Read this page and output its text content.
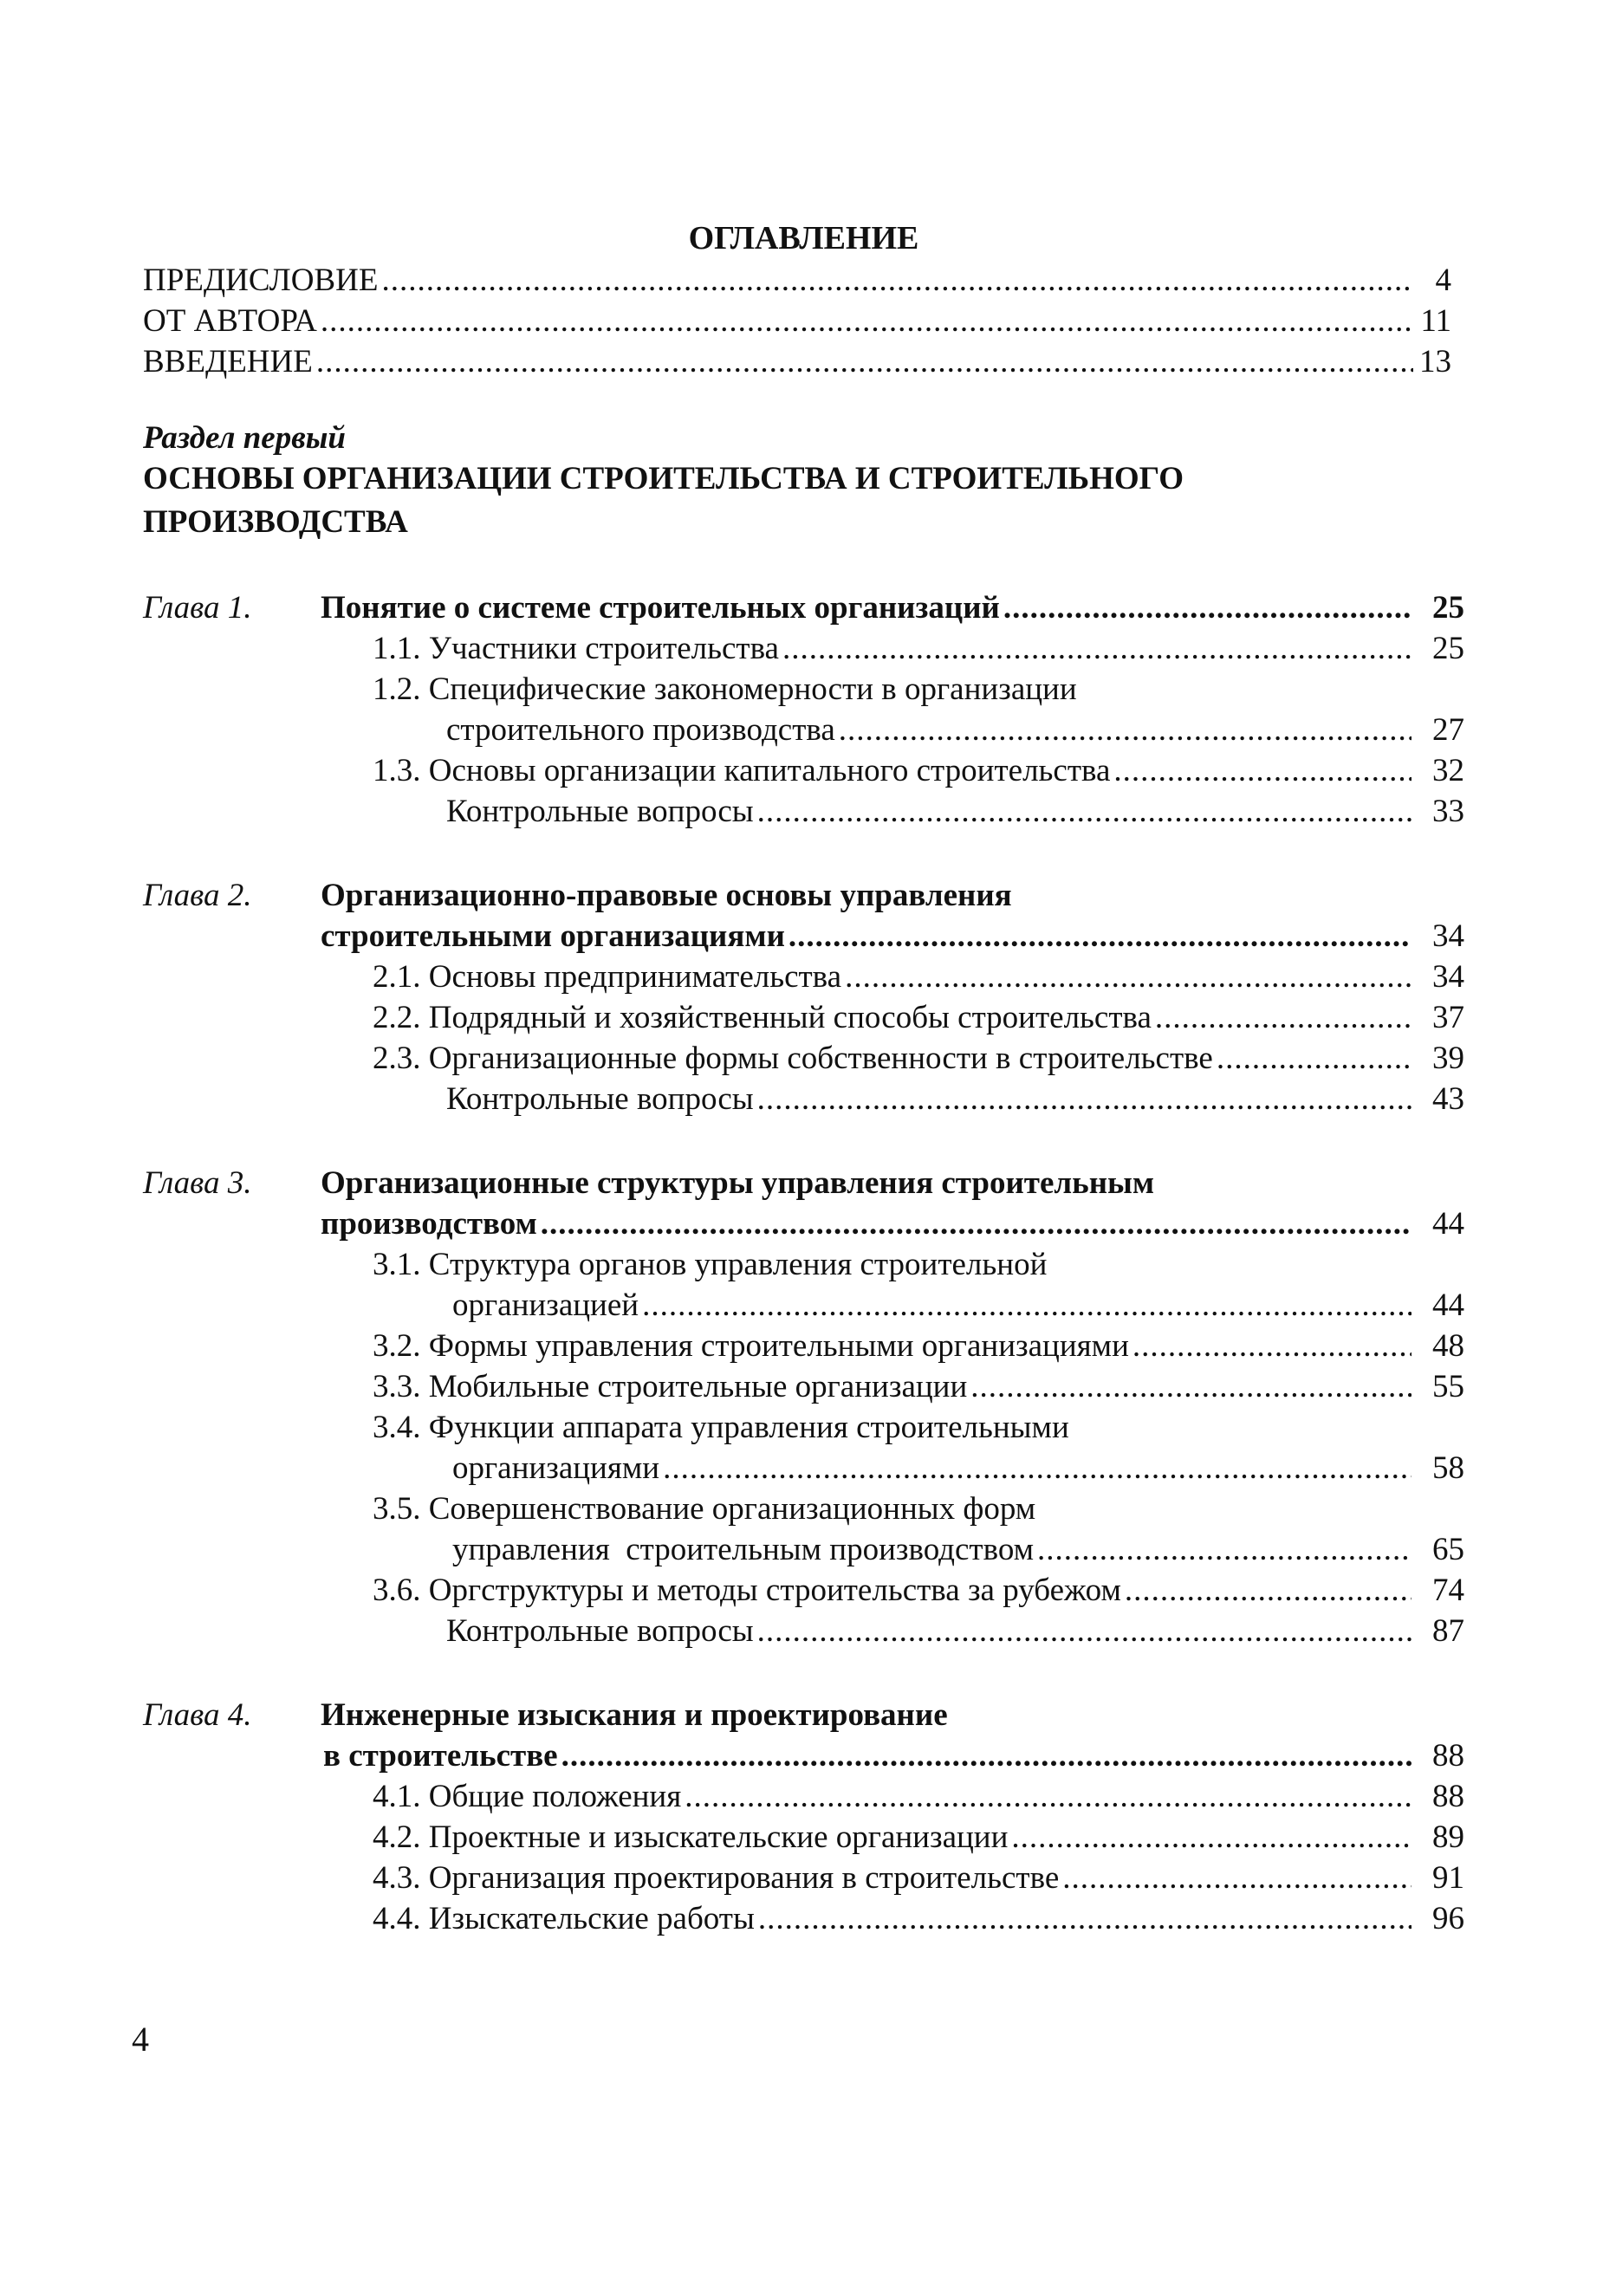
ОГЛАВЛЕНИЕ
ПРЕДИСЛОВИЕ .....	4
ОТ АВТОРА .....	11
ВВЕДЕНИЕ .....	13
Раздел первый
ОСНОВЫ ОРГАНИЗАЦИИ СТРОИТЕЛЬСТВА И СТРОИТЕЛЬНОГО ПРОИЗВОДСТВА
Глава 1. Понятие о системе строительных организаций .....	25
1.1.
Участники строительства .....	25
1.2. Специфические закономерности в организации
строительного производства .....	27
1.3.
Основы организации капитального строительства .....	32
Контрольные вопросы .....	33
Глава 2. Организационно-правовые основы управления
строительными организациями .....	34
2.1.
Основы предпринимательства .....	34
2.2.
Подрядный и хозяйственный способы строительства .....	37
2.3.
Организационные формы собственности в строительстве .....	39
Контрольные вопросы .....	43
Глава 3. Организационные структуры управления строительным
производством .....	44
3.1. Структура органов управления строительной
организацией .....	44
3.2.
Формы управления строительными организациями .....	48
3.3.
Мобильные строительные организации .....	55
3.4. Функции аппарата управления строительными
организациями .....	58
3.5. Совершенствование организационных форм
управления  строительным производством .....	65
3.6.
Оргструктуры и методы строительства за рубежом .....	74
Контрольные вопросы .....	87
Глава 4. Инженерные изыскания и проектирование
в строительстве .....	88
4.1.
Общие положения .....	88
4.2.
Проектные и изыскательские организации .....	89
4.3.
Организация проектирования в строительстве .....	91
4.4.
Изыскательские работы .....	96
4
